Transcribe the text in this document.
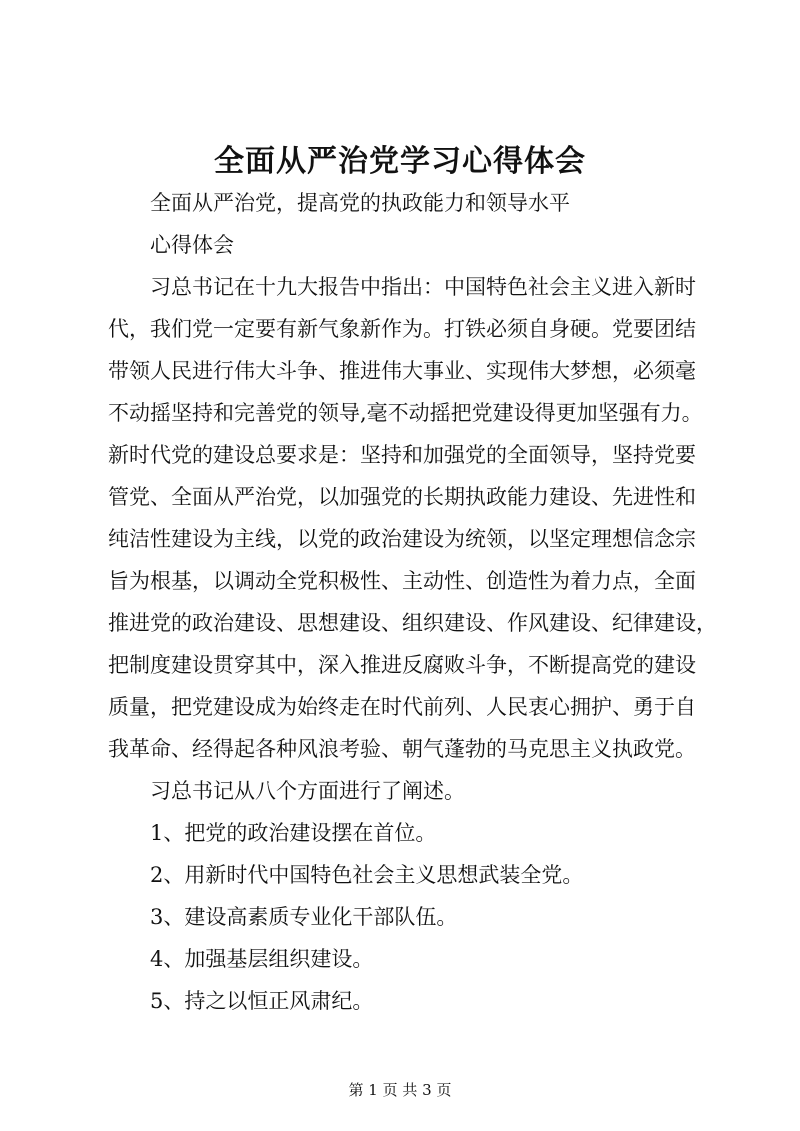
全面从严治党学习心得体会
全面从严治党，提高党的执政能力和领导水平
心得体会
习总书记在十九大报告中指出：中国特色社会主义进入新时
代，我们党一定要有新气象新作为。打铁必须自身硬。党要团结
带领人民进行伟大斗争、推进伟大事业、实现伟大梦想，必须毫
不动摇坚持和完善党的领导,毫不动摇把党建设得更加坚强有力。
新时代党的建设总要求是：坚持和加强党的全面领导，坚持党要
管党、全面从严治党，以加强党的长期执政能力建设、先进性和
纯洁性建设为主线，以党的政治建设为统领，以坚定理想信念宗
旨为根基，以调动全党积极性、主动性、创造性为着力点，全面
推进党的政治建设、思想建设、组织建设、作风建设、纪律建设，
把制度建设贯穿其中，深入推进反腐败斗争，不断提高党的建设
质量，把党建设成为始终走在时代前列、人民衷心拥护、勇于自
我革命、经得起各种风浪考验、朝气蓬勃的马克思主义执政党。
习总书记从八个方面进行了阐述。
1、把党的政治建设摆在首位。
2、用新时代中国特色社会主义思想武装全党。
3、建设高素质专业化干部队伍。
4、加强基层组织建设。
5、持之以恒正风肃纪。
第 1 页 共 3 页
